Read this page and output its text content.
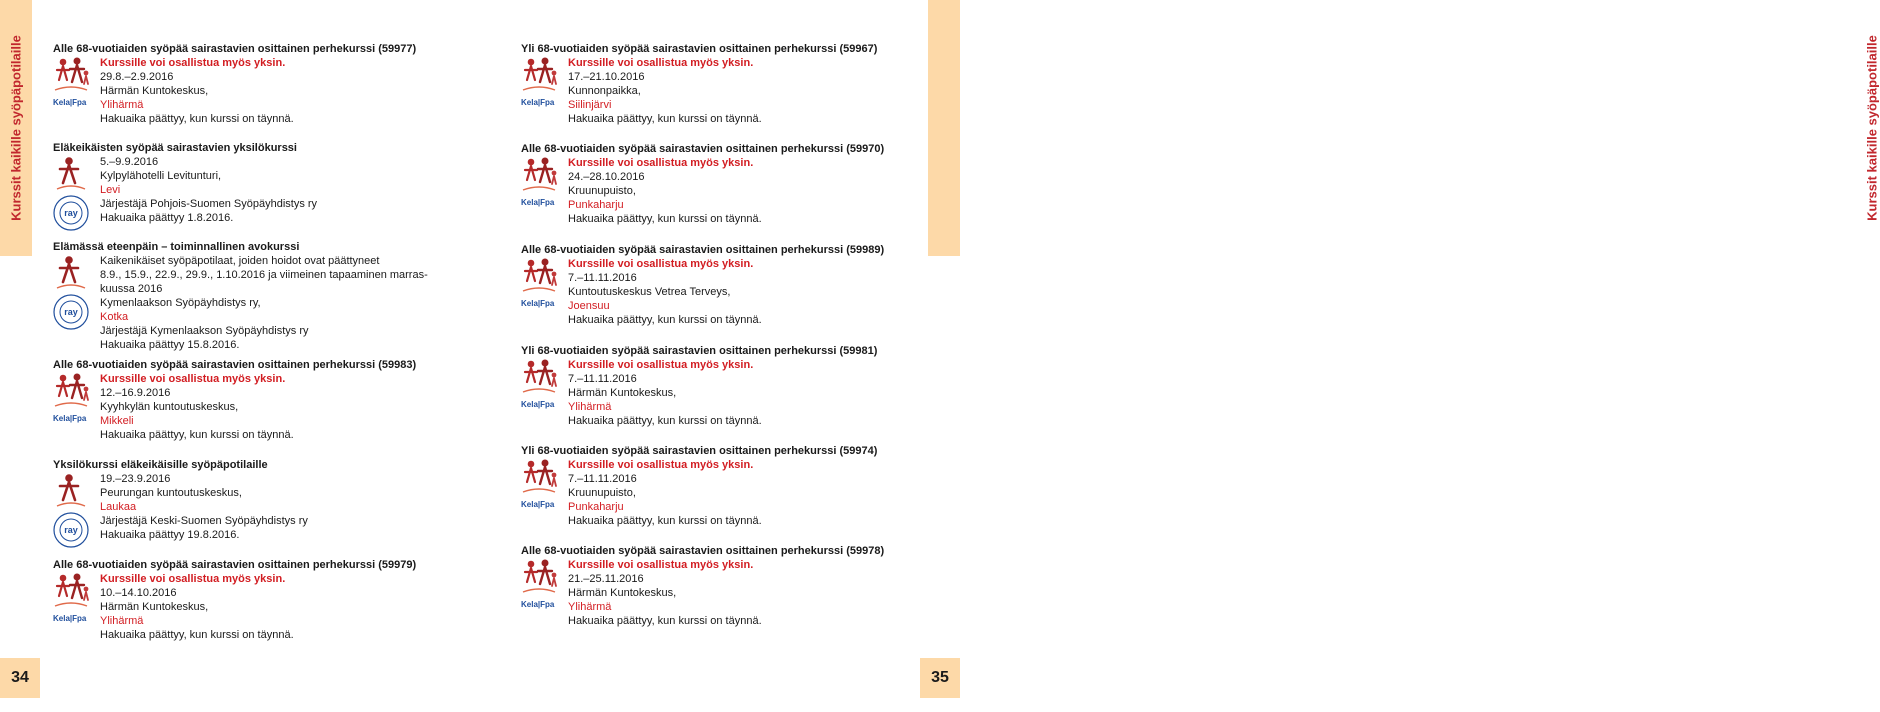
Kurssit kaikille syöpäpotilaille	Kurssit kaikille syöpäpotilaille
34	35
Alle 68-vuotiaiden syöpää sairastavien osittainen perhekurssi (59977)
Kela|Fpa
Kurssille voi osallistua myös yksin.
29.8.–2.9.2016
Härmän Kuntokeskus,
Ylihärmä
Hakuaika päättyy, kun kurssi on täynnä.
Eläkeikäisten syöpää sairastavien yksilökurssi
ray
5.–9.9.2016
Kylpylähotelli Levitunturi,
Levi
Järjestäjä Pohjois-Suomen Syöpäyhdistys ry
Hakuaika päättyy 1.8.2016.
Elämässä eteenpäin – toiminnallinen avokurssi
ray
Kaikenikäiset syöpäpotilaat, joiden hoidot ovat päättyneet
8.9., 15.9., 22.9., 29.9., 1.10.2016 ja viimeinen tapaaminen marras-
kuussa 2016
Kymenlaakson Syöpäyhdistys ry,
Kotka
Järjestäjä Kymenlaakson Syöpäyhdistys ry
Hakuaika päättyy 15.8.2016.
Alle 68-vuotiaiden syöpää sairastavien osittainen perhekurssi (59983)
Kela|Fpa
Kurssille voi osallistua myös yksin.
12.–16.9.2016
Kyyhkylän kuntoutuskeskus,
Mikkeli
Hakuaika päättyy, kun kurssi on täynnä.
Yksilökurssi eläkeikäisille syöpäpotilaille
ray
19.–23.9.2016
Peurungan kuntoutuskeskus,
Laukaa
Järjestäjä Keski-Suomen Syöpäyhdistys ry
Hakuaika päättyy 19.8.2016.
Alle 68-vuotiaiden syöpää sairastavien osittainen perhekurssi (59979)
Kela|Fpa
Kurssille voi osallistua myös yksin.
10.–14.10.2016
Härmän Kuntokeskus,
Ylihärmä
Hakuaika päättyy, kun kurssi on täynnä.
Yli 68-vuotiaiden syöpää sairastavien osittainen perhekurssi (59967)
Kela|Fpa
Kurssille voi osallistua myös yksin.
17.–21.10.2016
Kunnonpaikka,
Siilinjärvi
Hakuaika päättyy, kun kurssi on täynnä.
Alle 68-vuotiaiden syöpää sairastavien osittainen perhekurssi (59970)
Kela|Fpa
Kurssille voi osallistua myös yksin.
24.–28.10.2016
Kruunupuisto,
Punkaharju
Hakuaika päättyy, kun kurssi on täynnä.
Alle 68-vuotiaiden syöpää sairastavien osittainen perhekurssi (59989)
Kela|Fpa
Kurssille voi osallistua myös yksin.
7.–11.11.2016
Kuntoutuskeskus Vetrea Terveys,
Joensuu
Hakuaika päättyy, kun kurssi on täynnä.
Yli 68-vuotiaiden syöpää sairastavien osittainen perhekurssi (59981)
Kela|Fpa
Kurssille voi osallistua myös yksin.
7.–11.11.2016
Härmän Kuntokeskus,
Ylihärmä
Hakuaika päättyy, kun kurssi on täynnä.
Yli 68-vuotiaiden syöpää sairastavien osittainen perhekurssi (59974)
Kela|Fpa
Kurssille voi osallistua myös yksin.
7.–11.11.2016
Kruunupuisto,
Punkaharju
Hakuaika päättyy, kun kurssi on täynnä.
Alle 68-vuotiaiden syöpää sairastavien osittainen perhekurssi (59978)
Kela|Fpa
Kurssille voi osallistua myös yksin.
21.–25.11.2016
Härmän Kuntokeskus,
Ylihärmä
Hakuaika päättyy, kun kurssi on täynnä.
